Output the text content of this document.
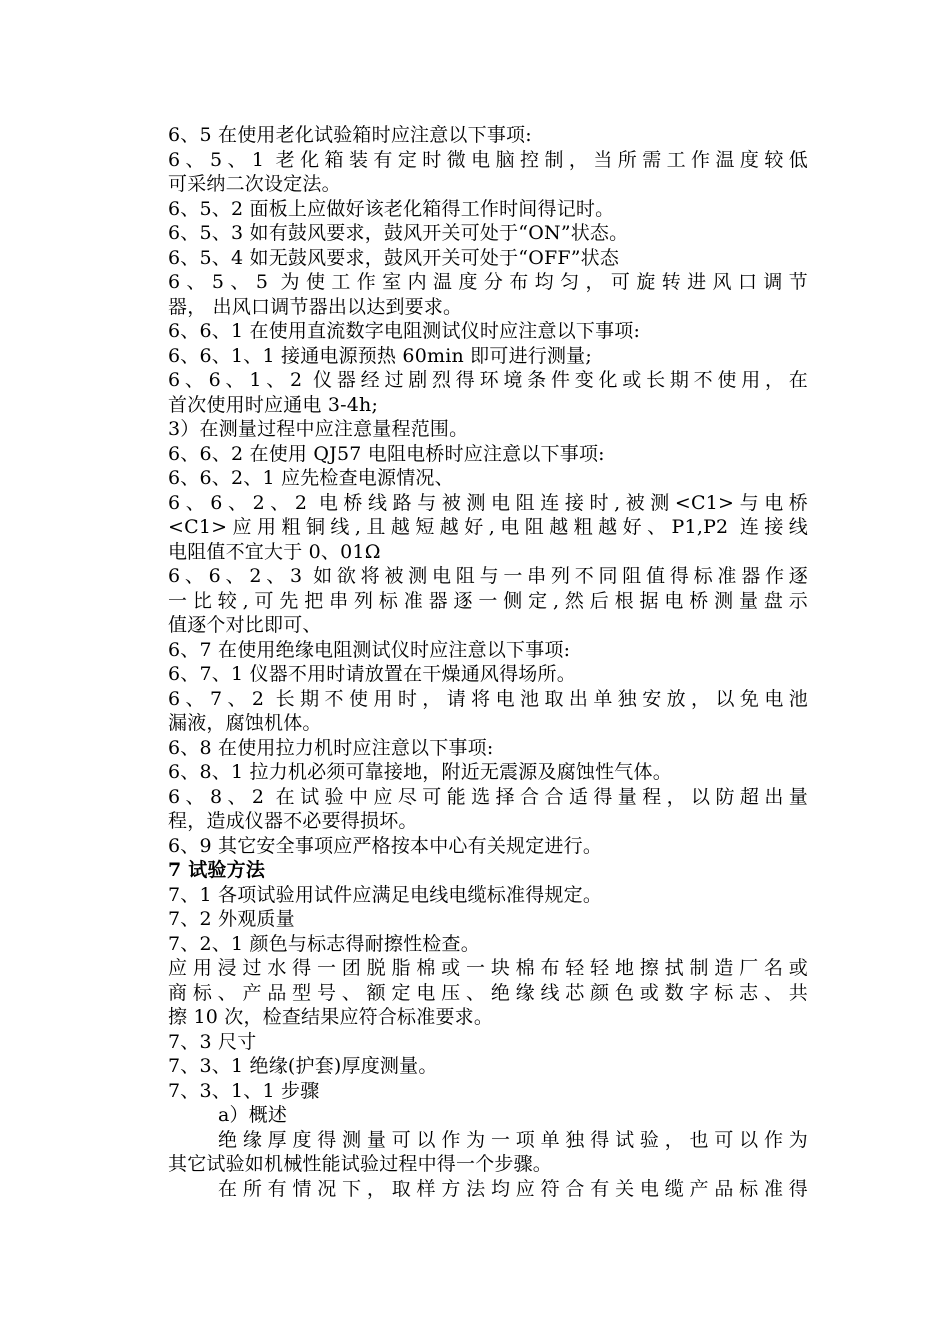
6、5 在使用老化试验箱时应注意以下事项:
6、5、1 老化箱装有定时微电脑控制，当所需工作温度较低
可采纳二次设定法。
6、5、2 面板上应做好该老化箱得工作时间得记时。
6、5、3 如有鼓风要求，鼓风开关可处于“ON”状态。
6、5、4 如无鼓风要求，鼓风开关可处于“OFF”状态
6、5、5 为使工作室内温度分布均匀，可旋转进风口调节
器， 出风口调节器出以达到要求。
6、6、1 在使用直流数字电阻测试仪时应注意以下事项:
6、6、1、1 接通电源预热 60min 即可进行测量;
6、6、1、2 仪器经过剧烈得环境条件变化或长期不使用，在
首次使用时应通电 3-4h;
3）在测量过程中应注意量程范围。
6、6、2 在使用 QJ57 电阻电桥时应注意以下事项:
6、6、2、1 应先检查电源情况、
6、6、2、2 电桥线路与被测电阻连接时,被测<C1>与电桥
<C1>应用粗铜线,且越短越好,电阻越粗越好、P1,P2 连接线
电阻值不宜大于 0、01Ω
6、6、2、3 如欲将被测电阻与一串列不同阻值得标准器作逐
一比较,可先把串列标准器逐一侧定,然后根据电桥测量盘示
值逐个对比即可、
6、7 在使用绝缘电阻测试仪时应注意以下事项:
6、7、1 仪器不用时请放置在干燥通风得场所。
6、7、2 长期不使用时，请将电池取出单独安放，以免电池
漏液，腐蚀机体。
6、8 在使用拉力机时应注意以下事项:
6、8、1 拉力机必须可靠接地，附近无震源及腐蚀性气体。
6、8、2 在试验中应尽可能选择合合适得量程，以防超出量
程，造成仪器不必要得损坏。
6、9 其它安全事项应严格按本中心有关规定进行。
7 试验方法
7、1 各项试验用试件应满足电线电缆标准得规定。
7、2 外观质量
7、2、1 颜色与标志得耐擦性检查。
应用浸过水得一团脱脂棉或一块棉布轻轻地擦拭制造厂名或
商标、产品型号、额定电压、绝缘线芯颜色或数字标志、共
擦 10 次，检查结果应符合标准要求。
7、3 尺寸
7、3、1 绝缘(护套)厚度测量。
7、3、1、1 步骤
a）概述
绝缘厚度得测量可以作为一项单独得试验，也可以作为
其它试验如机械性能试验过程中得一个步骤。
在所有情况下，取样方法均应符合有关电缆产品标准得
